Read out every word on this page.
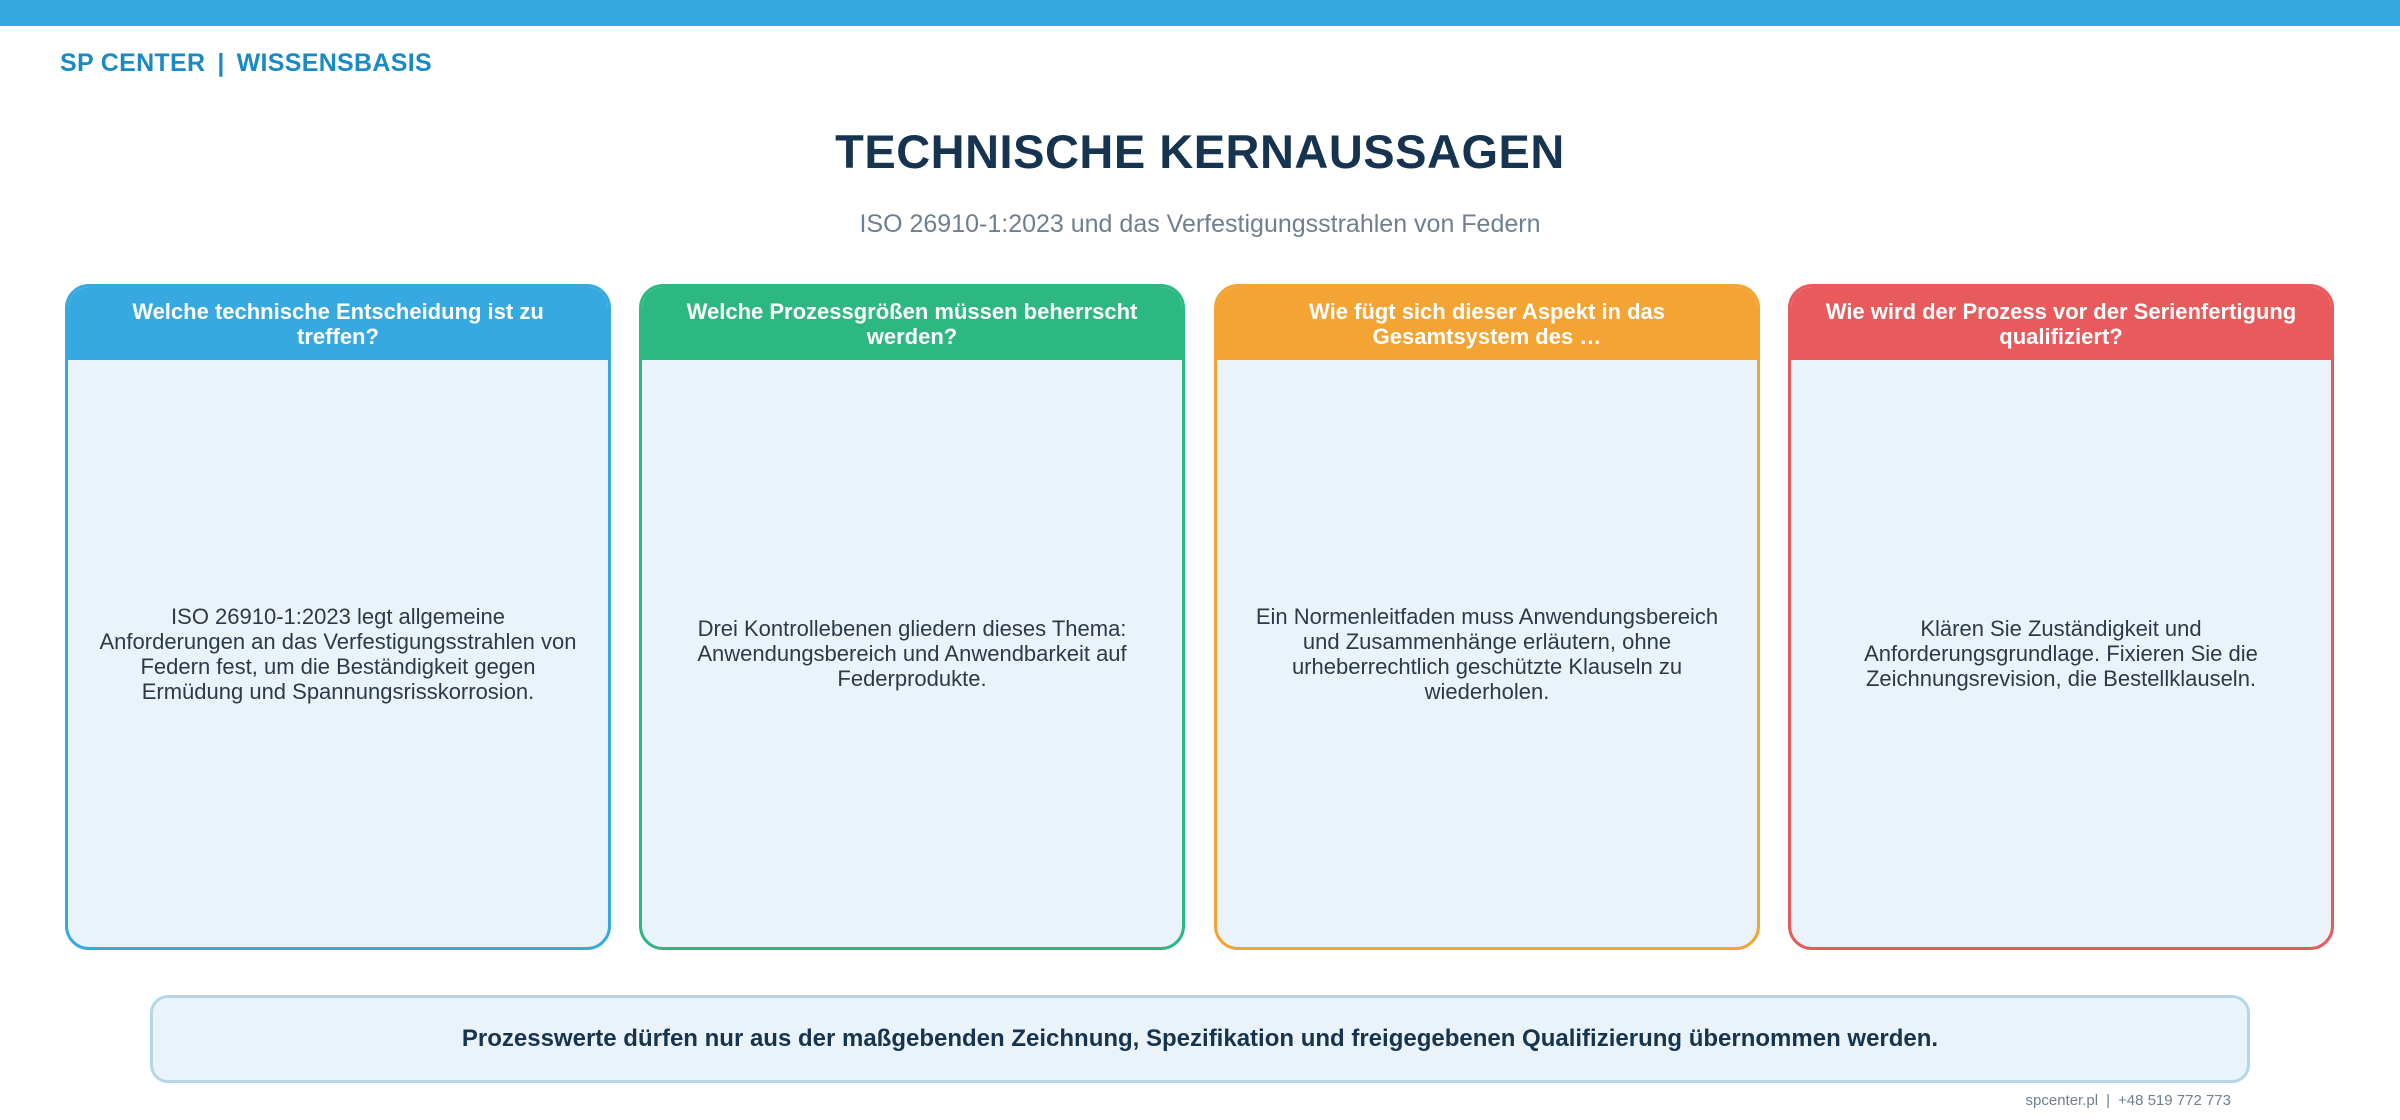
SP CENTER | WISSENSBASIS
TECHNISCHE KERNAUSSAGEN
ISO 26910-1:2023 und das Verfestigungsstrahlen von Federn
Welche technische Entscheidung ist zu treffen?
ISO 26910-1:2023 legt allgemeine Anforderungen an das Verfestigungsstrahlen von Federn fest, um die Beständigkeit gegen Ermüdung und Spannungsrisskorrosion.
Welche Prozessgrößen müssen beherrscht werden?
Drei Kontrollebenen gliedern dieses Thema: Anwendungsbereich und Anwendbarkeit auf Federprodukte.
Wie fügt sich dieser Aspekt in das Gesamtsystem des …
Ein Normenleitfaden muss Anwendungsbereich und Zusammenhänge erläutern, ohne urheberrechtlich geschützte Klauseln zu wiederholen.
Wie wird der Prozess vor der Serienfertigung qualifiziert?
Klären Sie Zuständigkeit und Anforderungsgrundlage. Fixieren Sie die Zeichnungsrevision, die Bestellklauseln.
Prozesswerte dürfen nur aus der maßgebenden Zeichnung, Spezifikation und freigegebenen Qualifizierung übernommen werden.
spcenter.pl | +48 519 772 773
